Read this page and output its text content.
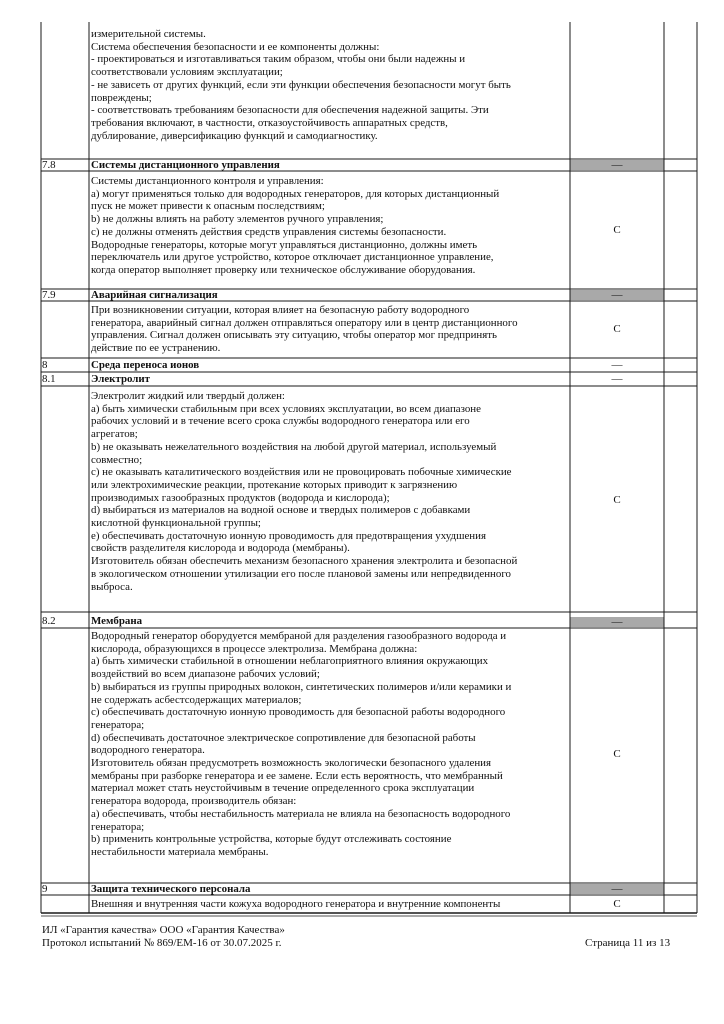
измерительной системы.
Система обеспечения безопасности и ее компоненты должны:
- проектироваться и изготавливаться таким образом, чтобы они были надежны и
соответствовали условиям эксплуатации;
- не зависеть от других функций, если эти функции обеспечения безопасности могут быть
повреждены;
- соответствовать требованиям безопасности для обеспечения надежной защиты. Эти
требования включают, в частности, отказоустойчивость аппаратных средств,
дублирование, диверсификацию функций и самодиагностику.
7.8	Системы дистанционного управления	—
Системы дистанционного контроля и управления:
а) могут применяться только для водородных генераторов, для которых дистанционный
пуск не может привести к опасным последствиям;
b) не должны влиять на работу элементов ручного управления;
c) не должны отменять действия средств управления системы безопасности.
Водородные генераторы, которые могут управляться дистанционно, должны иметь
переключатель или другое устройство, которое отключает дистанционное управление,
когда оператор выполняет проверку или техническое обслуживание оборудования.
С
7.9	Аварийная сигнализация	—
При возникновении ситуации, которая влияет на безопасную работу водородного
генератора, аварийный сигнал должен отправляться оператору или в центр дистанционного
управления. Сигнал должен описывать эту ситуацию, чтобы оператор мог предпринять
действие по ее устранению.
С
8	Среда переноса ионов	—
8.1	Электролит	—
Электролит жидкий или твердый должен:
а) быть химически стабильным при всех условиях эксплуатации, во всем диапазоне
рабочих условий и в течение всего срока службы водородного генератора или его
агрегатов;
b) не оказывать нежелательного воздействия на любой другой материал, используемый
совместно;
c) не оказывать каталитического воздействия или не провоцировать побочные химические
или электрохимические реакции, протекание которых приводит к загрязнению
производимых газообразных продуктов (водорода и кислорода);
d) выбираться из материалов на водной основе и твердых полимеров с добавками
кислотной функциональной группы;
e) обеспечивать достаточную ионную проводимость для предотвращения ухудшения
свойств разделителя кислорода и водорода (мембраны).
Изготовитель обязан обеспечить механизм безопасного хранения электролита и безопасной
в экологическом отношении утилизации его после плановой замены или непредвиденного
выброса.
С
8.2	Мембрана	—
Водородный генератор оборудуется мембраной для разделения газообразного водорода и
кислорода, образующихся в процессе электролиза. Мембрана должна:
а) быть химически стабильной в отношении неблагоприятного влияния окружающих
воздействий во всем диапазоне рабочих условий;
b) выбираться из группы природных волокон, синтетических полимеров и/или керамики и
не содержать асбестсодержащих материалов;
c) обеспечивать достаточную ионную проводимость для безопасной работы водородного
генератора;
d) обеспечивать достаточное электрическое сопротивление для безопасной работы
водородного генератора.
Изготовитель обязан предусмотреть возможность экологически безопасного удаления
мембраны при разборке генератора и ее замене. Если есть вероятность, что мембранный
материал может стать неустойчивым в течение определенного срока эксплуатации
генератора водорода, производитель обязан:
а) обеспечивать, чтобы нестабильность материала не влияла на безопасность водородного
генератора;
b) применить контрольные устройства, которые будут отслеживать состояние
нестабильности материала мембраны.
С
9	Защита технического персонала	—
Внешняя и внутренняя части кожуха водородного генератора и внутренние компоненты	С
ИЛ «Гарантия качества» ООО «Гарантия Качества»
Протокол испытаний № 869/ЕМ-16 от 30.07.2025 г.	Страница 11 из 13
